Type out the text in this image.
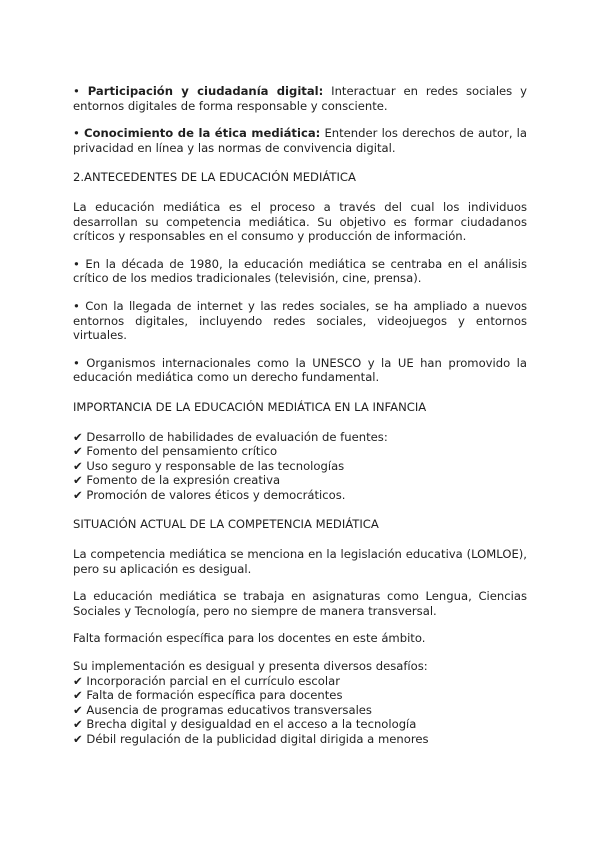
• Participación y ciudadanía digital: Interactuar en redes sociales y entornos digitales de forma responsable y consciente.

• Conocimiento de la ética mediática: Entender los derechos de autor, la privacidad en línea y las normas de convivencia digital.

2.ANTECEDENTES DE LA EDUCACIÓN MEDIÁTICA

La educación mediática es el proceso a través del cual los individuos desarrollan su competencia mediática. Su objetivo es formar ciudadanos críticos y responsables en el consumo y producción de información.

• En la década de 1980, la educación mediática se centraba en el análisis crítico de los medios tradicionales (televisión, cine, prensa).

• Con la llegada de internet y las redes sociales, se ha ampliado a nuevos entornos digitales, incluyendo redes sociales, videojuegos y entornos virtuales.

• Organismos internacionales como la UNESCO y la UE han promovido la educación mediática como un derecho fundamental.

IMPORTANCIA DE LA EDUCACIÓN MEDIÁTICA EN LA INFANCIA
✔ Desarrollo de habilidades de evaluación de fuentes:
✔ Fomento del pensamiento crítico
✔ Uso seguro y responsable de las tecnologías
✔ Fomento de la expresión creativa
✔ Promoción de valores éticos y democráticos.
SITUACIÓN ACTUAL DE LA COMPETENCIA MEDIÁTICA

La competencia mediática se menciona en la legislación educativa (LOMLOE), pero su aplicación es desigual.

La educación mediática se trabaja en asignaturas como Lengua, Ciencias Sociales y Tecnología, pero no siempre de manera transversal.

Falta formación específica para los docentes en este ámbito.

Su implementación es desigual y presenta diversos desafíos:

✔ Incorporación parcial en el currículo escolar
✔ Falta de formación específica para docentes
✔ Ausencia de programas educativos transversales
✔ Brecha digital y desigualdad en el acceso a la tecnología
✔ Débil regulación de la publicidad digital dirigida a menores
